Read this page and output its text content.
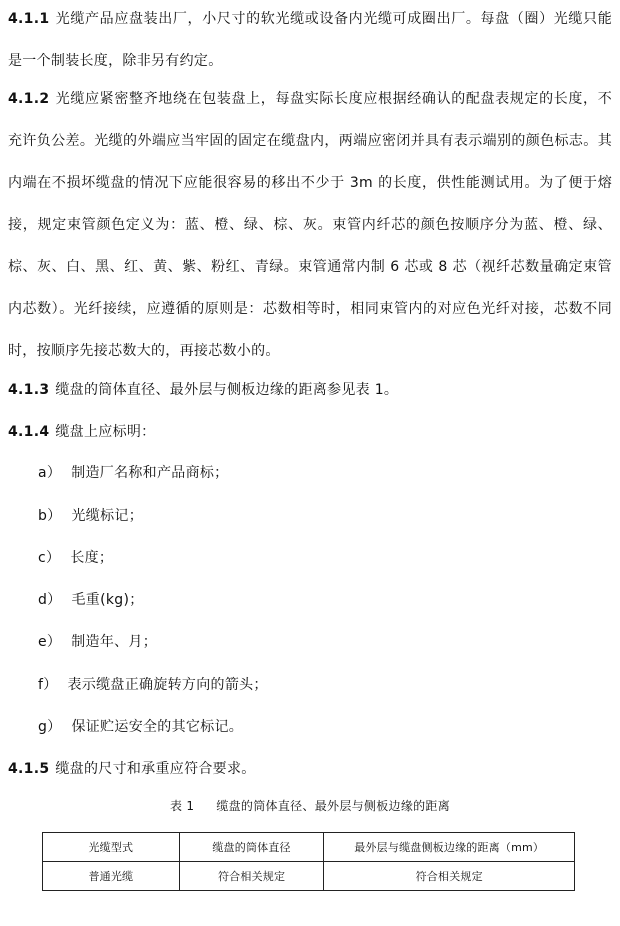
4.1.1 光缆产品应盘装出厂，小尺寸的软光缆或设备内光缆可成圈出厂。每盘（圈）光缆只能是一个制装长度，除非另有约定。

4.1.2 光缆应紧密整齐地绕在包装盘上，每盘实际长度应根据经确认的配盘表规定的长度，不充许负公差。光缆的外端应当牢固的固定在缆盘内，两端应密闭并具有表示端别的颜色标志。其内端在不损坏缆盘的情况下应能很容易的移出不少于 3m 的长度，供性能测试用。为了便于熔接，规定束管颜色定义为：蓝、橙、绿、棕、灰。束管内纤芯的颜色按顺序分为蓝、橙、绿、棕、灰、白、黑、红、黄、紫、粉红、青绿。束管通常内制 6 芯或 8 芯（视纤芯数量确定束管内芯数）。光纤接续，应遵循的原则是：芯数相等时，相同束管内的对应色光纤对接，芯数不同时，按顺序先接芯数大的，再接芯数小的。

4.1.3 缆盘的筒体直径、最外层与侧板边缘的距离参见表 1。

4.1.4 缆盘上应标明：

a） 制造厂名称和产品商标；
b） 光缆标记；
c） 长度；
d） 毛重(kg)；
e） 制造年、月；
f） 表示缆盘正确旋转方向的箭头；
g） 保证贮运安全的其它标记。

4.1.5 缆盘的尺寸和承重应符合要求。

表 1 缆盘的筒体直径、最外层与侧板边缘的距离
光缆型式	缆盘的筒体直径	最外层与缆盘侧板边缘的距离（mm）
普通光缆	符合相关规定	符合相关规定
